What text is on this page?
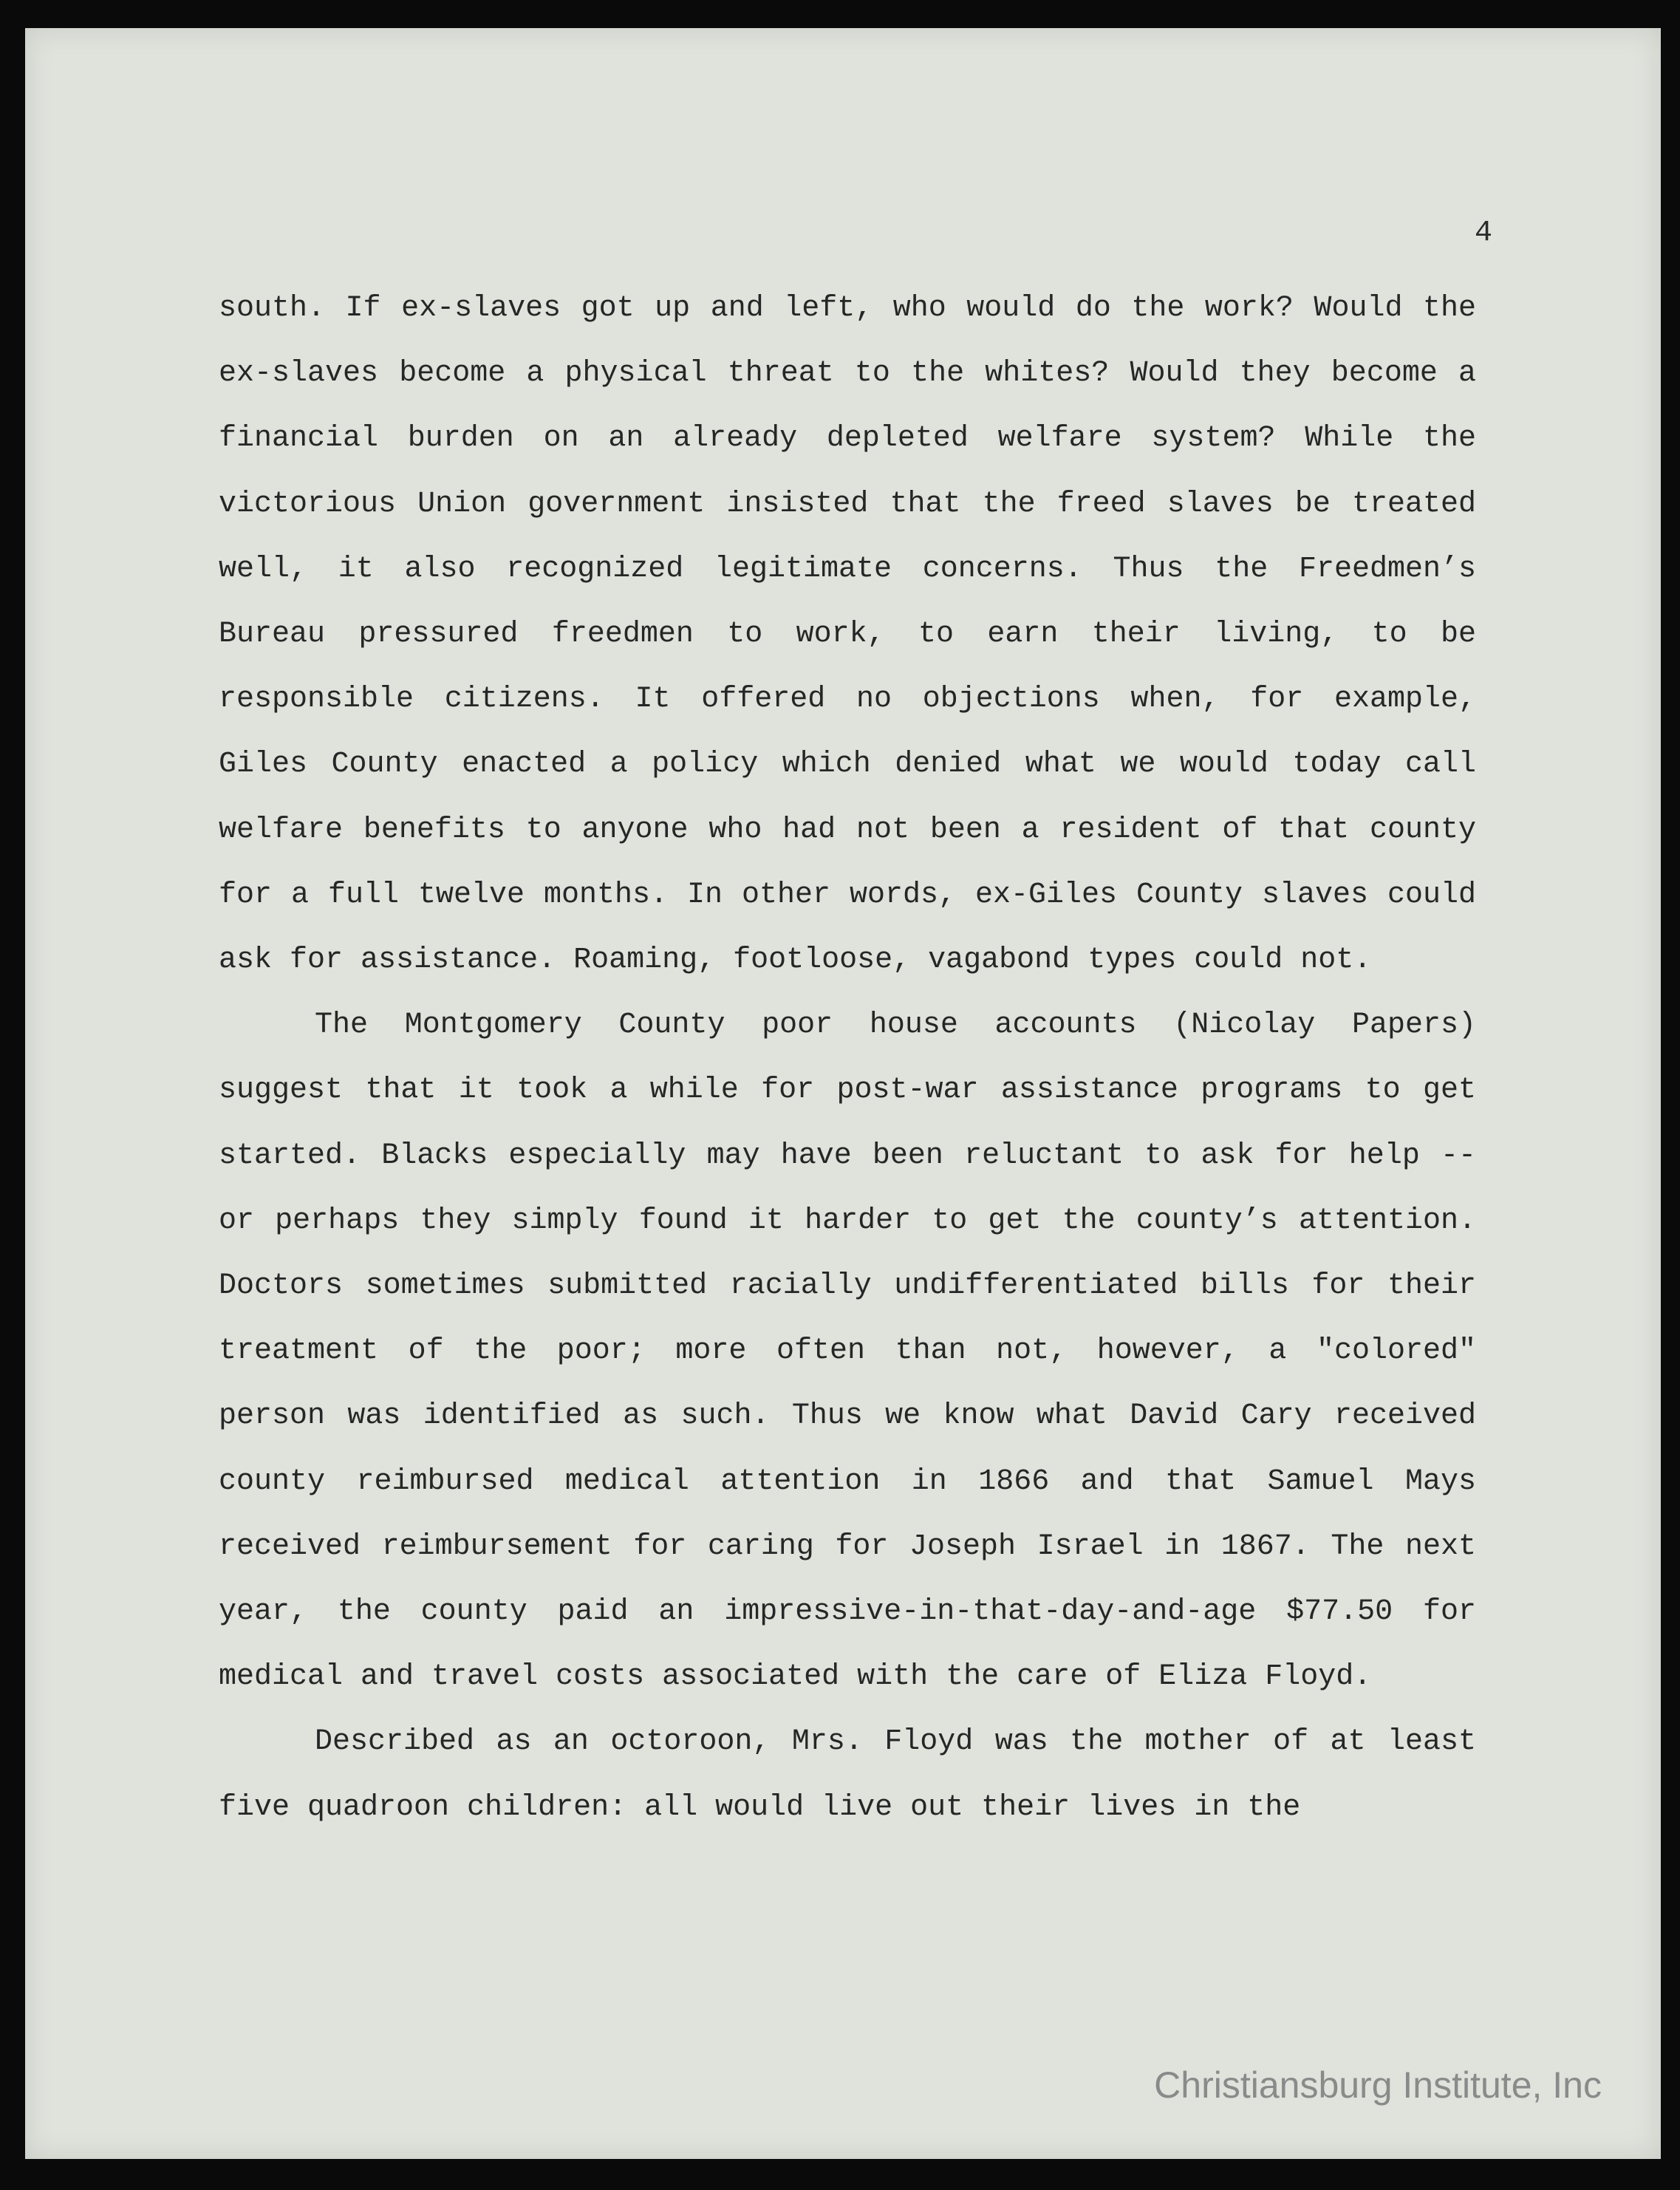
4

south. If ex-slaves got up and left, who would do the work? Would the ex-slaves become a physical threat to the whites? Would they become a financial burden on an already depleted welfare system? While the victorious Union government insisted that the freed slaves be treated well, it also recognized legitimate concerns. Thus the Freedmen’s Bureau pressured freedmen to work, to earn their living, to be responsible citizens. It offered no objections when, for example, Giles County enacted a policy which denied what we would today call welfare benefits to anyone who had not been a resident of that county for a full twelve months. In other words, ex-Giles County slaves could ask for assistance. Roaming, footloose, vagabond types could not.

The Montgomery County poor house accounts (Nicolay Papers) suggest that it took a while for post-war assistance programs to get started. Blacks especially may have been reluctant to ask for help -- or perhaps they simply found it harder to get the county’s attention. Doctors sometimes submitted racially undifferentiated bills for their treatment of the poor; more often than not, however, a "colored" person was identified as such. Thus we know what David Cary received county reimbursed medical attention in 1866 and that Samuel Mays received reimbursement for caring for Joseph Israel in 1867. The next year, the county paid an impressive-in-that-day-and-age $77.50 for medical and travel costs associated with the care of Eliza Floyd.

Described as an octoroon, Mrs. Floyd was the mother of at least five quadroon children: all would live out their lives in the

Christiansburg Institute, Inc
